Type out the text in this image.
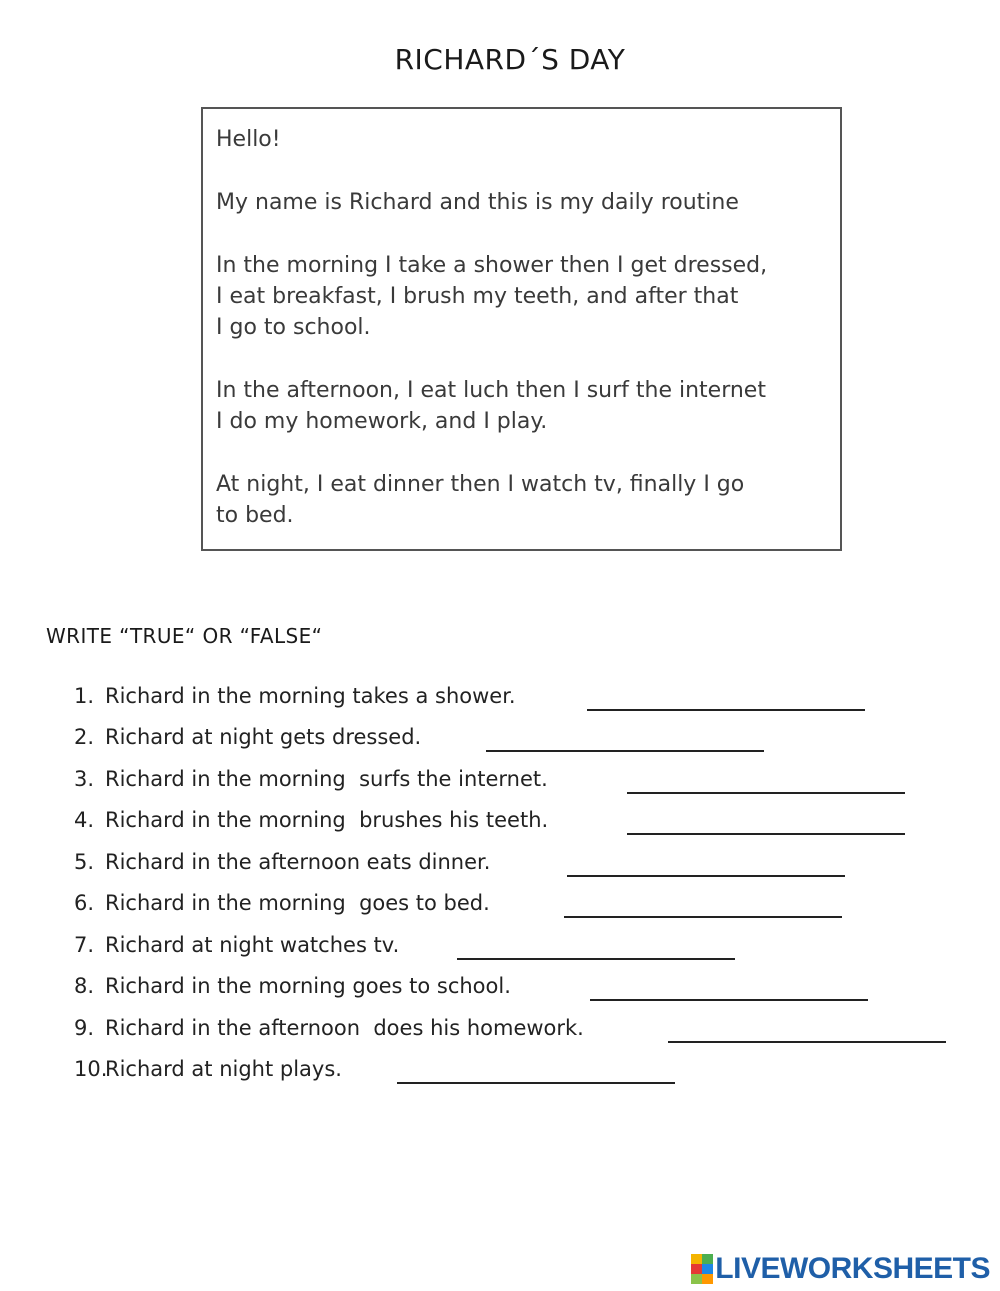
RICHARD´S DAY

Hello!

My name is Richard and this is my daily routine

In the morning I take a shower then I get dressed,
I eat breakfast, I brush my teeth, and after that
I go to school.

In the afternoon, I eat luch then I surf the internet
I do my homework, and I play.

At night, I eat dinner then I watch tv, finally I go
to bed.

WRITE “TRUE“ OR “FALSE“
1. Richard in the morning takes a shower.
2. Richard at night gets dressed.
3. Richard in the morning  surfs the internet.
4. Richard in the morning  brushes his teeth.
5. Richard in the afternoon eats dinner.
6. Richard in the morning  goes to bed.
7. Richard at night watches tv.
8. Richard in the morning goes to school.
9. Richard in the afternoon  does his homework.
10.
Richard at night plays.
LIVEWORKSHEETS
